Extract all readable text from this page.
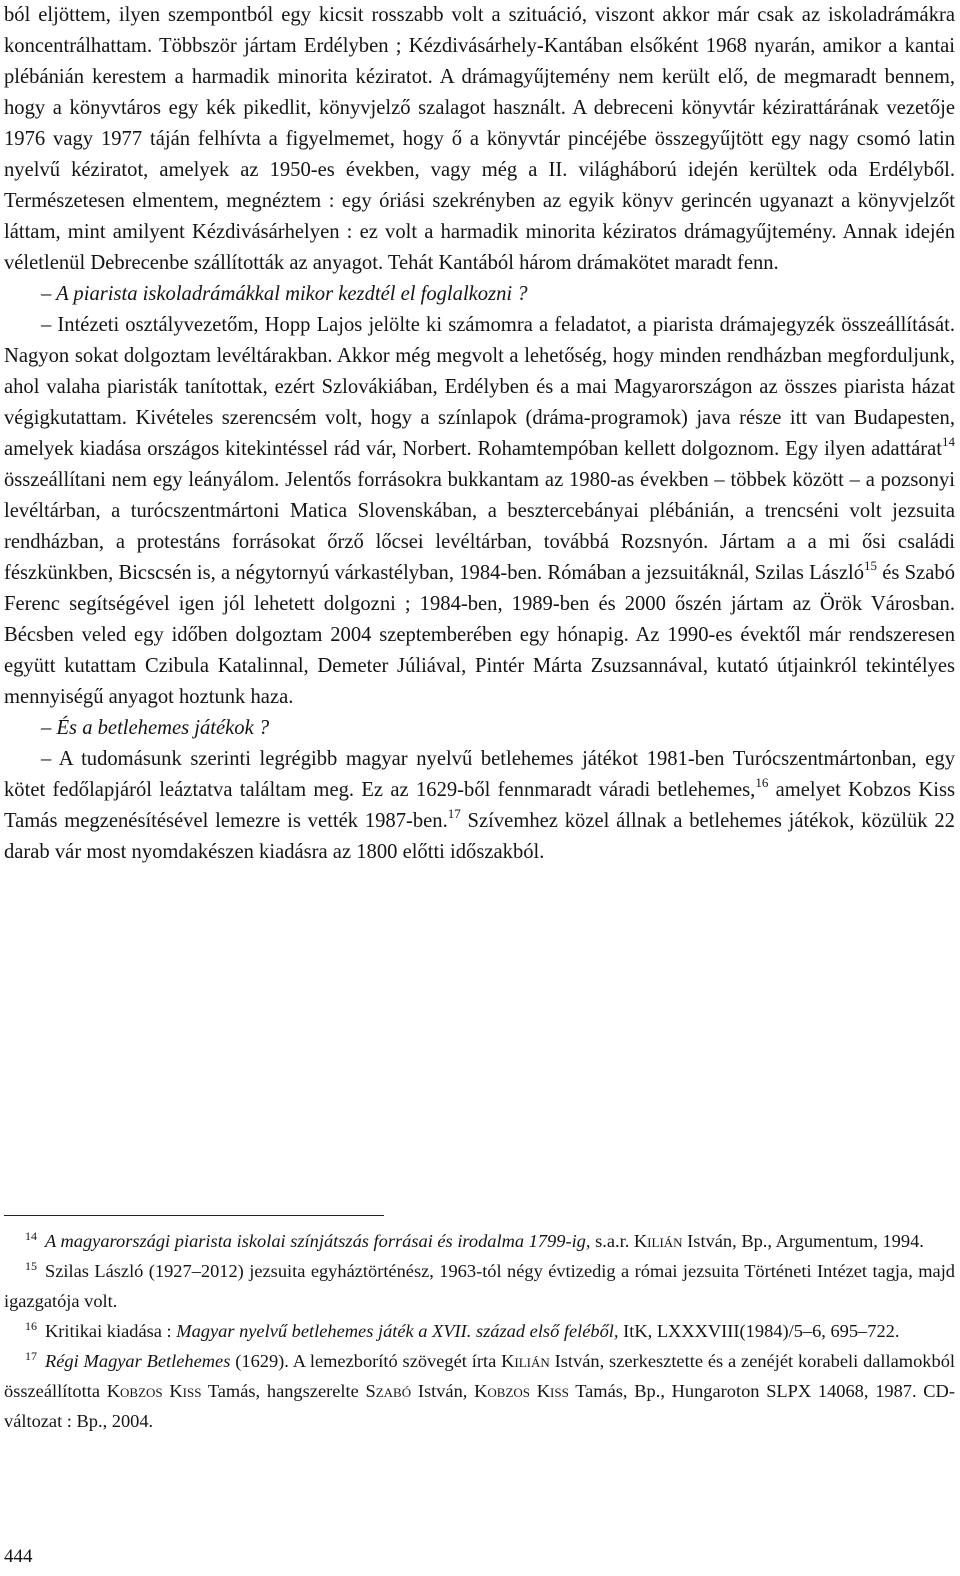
ból eljöttem, ilyen szempontból egy kicsit rosszabb volt a szituáció, viszont akkor már csak az iskoladrámákra koncentrálhattam. Többször jártam Erdélyben ; Kézdivásárhely-Kantában elsőként 1968 nyarán, amikor a kantai plébánián kerestem a harmadik minorita kéziratot. A drámagyűjtemény nem került elő, de megmaradt bennem, hogy a könyvtáros egy kék pikedlit, könyvjelző szalagot használt. A debreceni könyvtár kézirattárának vezetője 1976 vagy 1977 táján felhívta a figyelmemet, hogy ő a könyvtár pincéjébe összegyűjtött egy nagy csomó latin nyelvű kéziratot, amelyek az 1950-es években, vagy még a II. világháború idején kerültek oda Erdélyből. Természetesen elmentem, megnéztem : egy óriási szekrényben az egyik könyv gerincén ugyanazt a könyvjelzőt láttam, mint amilyent Kézdivásárhelyen : ez volt a harmadik minorita kéziratos drámagyűjtemény. Annak idején véletlenül Debrecenbe szállították az anyagot. Tehát Kantából három drámakötet maradt fenn.

– A piarista iskoladrámákkal mikor kezdtél el foglalkozni ?

– Intézeti osztályvezetőm, Hopp Lajos jelölte ki számomra a feladatot, a piarista drámajegyzék összeállítását. Nagyon sokat dolgoztam levéltárakban. Akkor még megvolt a lehetőség, hogy minden rendházban megforduljunk, ahol valaha piaristák tanítottak, ezért Szlovákiában, Erdélyben és a mai Magyarországon az összes piarista házat végigkutattam. Kivételes szerencsém volt, hogy a színlapok (dráma-programok) java része itt van Budapesten, amelyek kiadása országos kitekintéssel rád vár, Norbert. Rohamtempóban kellett dolgoznom. Egy ilyen adattárat$^{14}$ összeállítani nem egy leányálom. Jelentős forrásokra bukkantam az 1980-as években – többek között – a pozsonyi levéltárban, a turócszentmártoni Matica Slovenskában, a besztercebányai plébánián, a trencséni volt jezsuita rendházban, a protestáns forrásokat őrző lőcsei levéltárban, továbbá Rozsnyón. Jártam a a mi ősi családi fészkünkben, Bicscsén is, a négytornyú várkastélyban, 1984-ben. Rómában a jezsuitáknál, Szilas László$^{15}$ és Szabó Ferenc segítségével igen jól lehetett dolgozni ; 1984-ben, 1989-ben és 2000 őszén jártam az Örök Városban. Bécsben veled egy időben dolgoztam 2004 szeptemberében egy hónapig. Az 1990-es évektől már rendszeresen együtt kutattam Czibula Katalinnal, Demeter Júliával, Pintér Márta Zsuzsannával, kutató útjainkról tekintélyes mennyiségű anyagot hoztunk haza.

– És a betlehemes játékok ?

– A tudomásunk szerinti legrégibb magyar nyelvű betlehemes játékot 1981-ben Turócszentmártonban, egy kötet fedőlapjáról leáztatva találtam meg. Ez az 1629-ből fennmaradt váradi betlehemes,$^{16}$ amelyet Kobzos Kiss Tamás megzenésítésével lemezre is vették 1987-ben.$^{17}$ Szívemhez közel állnak a betlehemes játékok, közülük 22 darab vár most nyomdakészen kiadásra az 1800 előtti időszakból.

$^{14}$ A magyarországi piarista iskolai színjátszás forrásai és irodalma 1799-ig, s.a.r. Kilián István, Bp., Argumentum, 1994.

$^{15}$ Szilas László (1927–2012) jezsuita egyháztörténész, 1963-tól négy évtizedig a római jezsuita Történeti Intézet tagja, majd igazgatója volt.

$^{16}$ Kritikai kiadása : Magyar nyelvű betlehemes játék a XVII. század első feléből, ItK, LXXXVIII(1984)/5–6, 695–722.

$^{17}$ Régi Magyar Betlehemes (1629). A lemezborító szövegét írta Kilián István, szerkesztette és a zenéjét korabeli dallamokból összeállította Kobzos Kiss Tamás, hangszerelte Szabó István, Kobzos Kiss Tamás, Bp., Hungaroton SLPX 14068, 1987. CD-változat : Bp., 2004.

444
